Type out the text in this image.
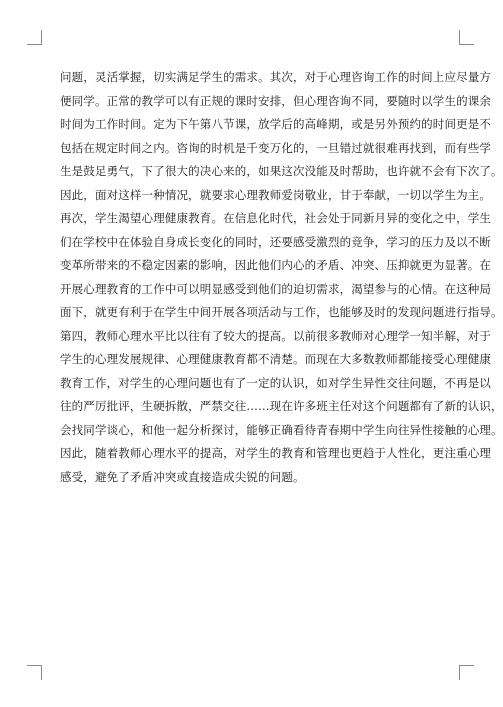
问题，灵活掌握，切实满足学生的需求。其次，对于心理咨询工作的时间上应尽量方
便同学。正常的教学可以有正规的课时安排，但心理咨询不同，要随时以学生的课余
时间为工作时间。定为下午第八节课，放学后的高峰期，或是另外预约的时间更是不
包括在规定时间之内。咨询的时机是千变万化的，一旦错过就很难再找到，而有些学
生是鼓足勇气，下了很大的决心来的，如果这次没能及时帮助，也许就不会有下次了。
因此，面对这样一种情况，就要求心理教师爱岗敬业，甘于奉献，一切以学生为主。
再次，学生渴望心理健康教育。在信息化时代，社会处于同新月异的变化之中，学生
们在学校中在体验自身成长变化的同时，还要感受激烈的竞争，学习的压力及以不断
变革所带来的不稳定因素的影响，因此他们内心的矛盾、冲突、压抑就更为显著。在
开展心理教育的工作中可以明显感受到他们的迫切需求，渴望参与的心情。在这种局
面下，就更有利于在学生中间开展各项活动与工作，也能够及时的发现问题进行指导。
第四，教师心理水平比以往有了较大的提高。以前很多教师对心理学一知半解，对于
学生的心理发展规律、心理健康教育都不清楚。而现在大多数教师都能接受心理健康
教育工作，对学生的心理问题也有了一定的认识，如对学生异性交往问题，不再是以
往的严厉批评，生硬拆散，严禁交往……现在许多班主任对这个问题都有了新的认识，
会找同学谈心，和他一起分析探讨，能够正确看待青春期中学生向往异性接触的心理。
因此，随着教师心理水平的提高，对学生的教育和管理也更趋于人性化，更注重心理
感受，避免了矛盾冲突或直接造成尖锐的问题。
